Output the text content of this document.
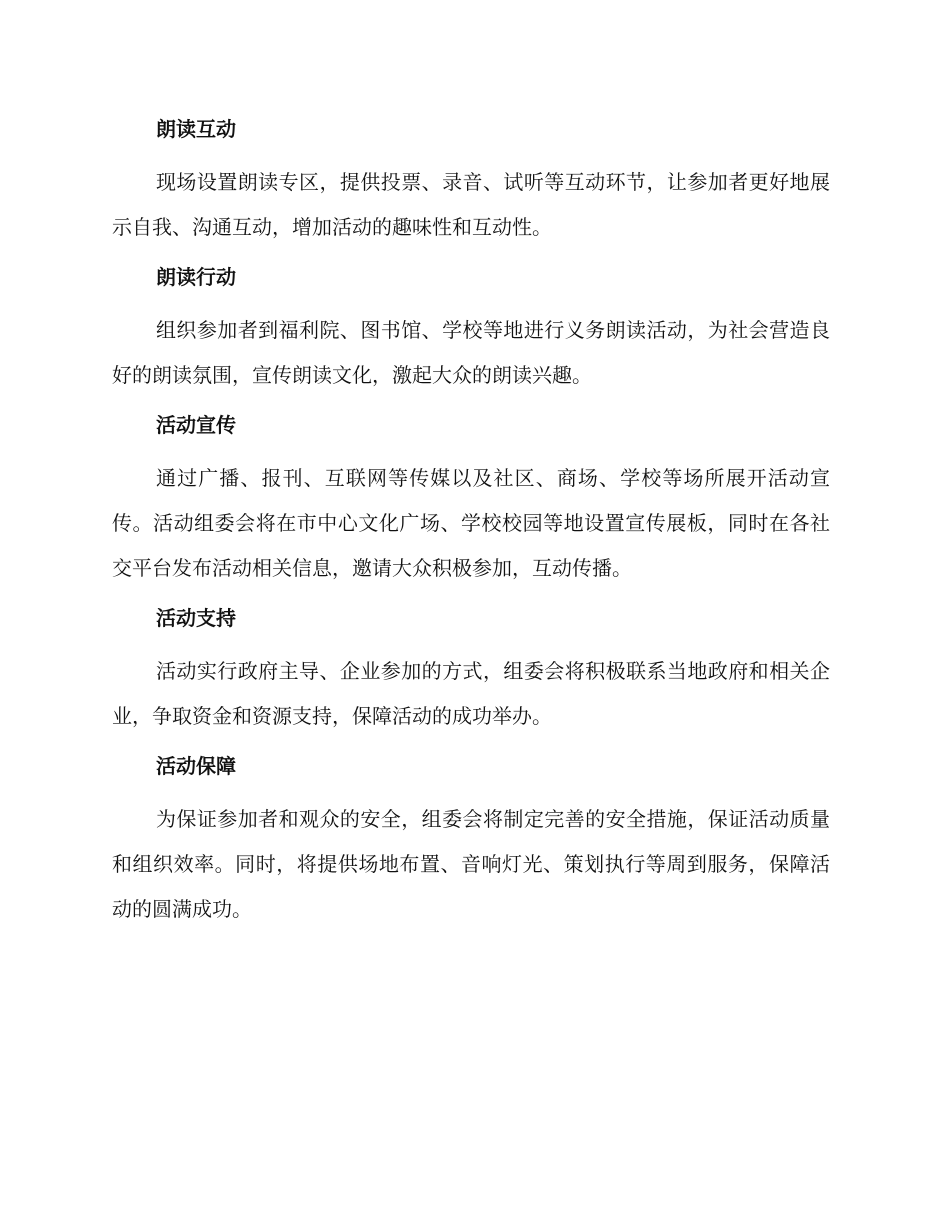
朗读互动

现场设置朗读专区，提供投票、录音、试听等互动环节，让参加者更好地展示自我、沟通互动，增加活动的趣味性和互动性。

朗读行动

组织参加者到福利院、图书馆、学校等地进行义务朗读活动，为社会营造良好的朗读氛围，宣传朗读文化，激起大众的朗读兴趣。

活动宣传

通过广播、报刊、互联网等传媒以及社区、商场、学校等场所展开活动宣传。活动组委会将在市中心文化广场、学校校园等地设置宣传展板，同时在各社交平台发布活动相关信息，邀请大众积极参加，互动传播。

活动支持

活动实行政府主导、企业参加的方式，组委会将积极联系当地政府和相关企业，争取资金和资源支持，保障活动的成功举办。

活动保障

为保证参加者和观众的安全，组委会将制定完善的安全措施，保证活动质量和组织效率。同时，将提供场地布置、音响灯光、策划执行等周到服务，保障活动的圆满成功。
